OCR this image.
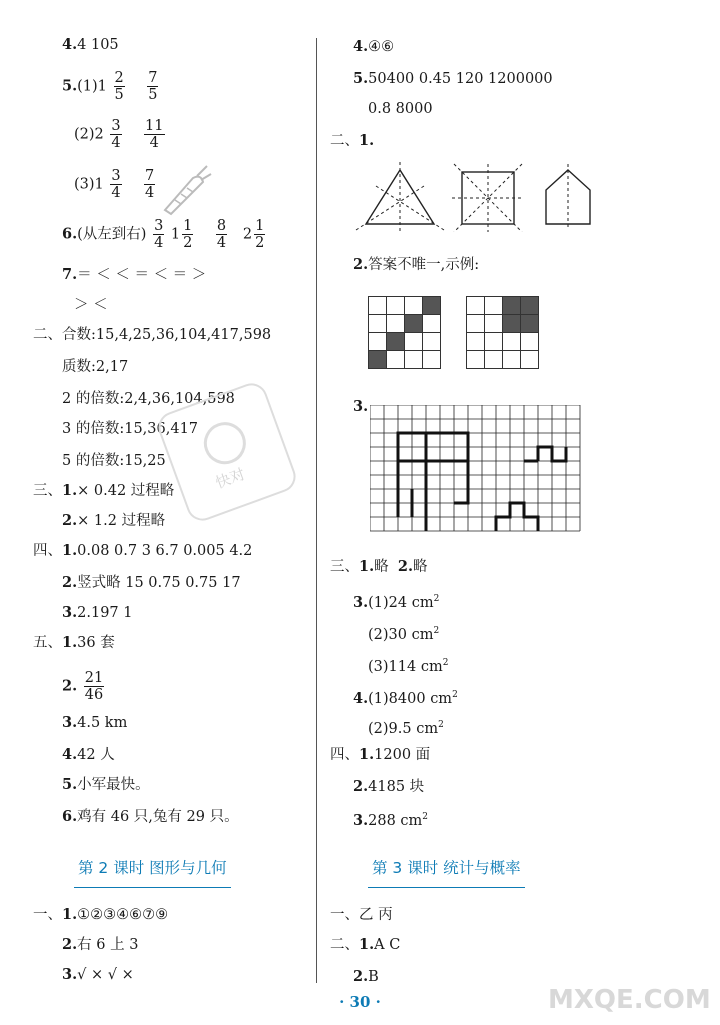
4.4 105
$5.(1)1 \frac{2}{5}$
$\frac{7}{5}$
$(2)2 \frac{3}{4}$
$\frac{11}{4}$
$(3)1 \frac{3}{4}$
$\frac{7}{4}$
6.(从左到右) $\frac{3}{4} 1 \frac{1}{2}$
$\frac{8}{4} 2 \frac{1}{2}$
7.＝ ＜ ＜ ＝ ＜ ＝ ＞
＞ ＜
二、合数:15,4,25,36,104,417,598
质数:2,17
2 的倍数:2,4,36,104,598
3 的倍数:15,36,417
5 的倍数:15,25
快对
三、1.× 0.42 过程略
2.× 1.2 过程略
四、1.0.08 0.7 3 6.7 0.005 4.2
2.竖式略 15 0.75 0.75 17
3.2.197 1
五、1.36 套
2. $\frac{21}{46}$
3.4.5 km
4.42 人
5.小军最快。
6.鸡有 46 只,兔有 29 只。
第 2 课时 图形与几何
一、1.①②③④⑥⑦⑨
2.右 6 上 3
3.√ × √ ×
4.④⑥
5.50400 0.45 120 1200000
0.8 8000
二、1.
2.答案不唯一,示例:

3.
三、1.略 2.略
3.(1)24 $cm^2$
(2)30 $cm^2$
(3)114 $cm^2$
4.(1)8400 $cm^2$
(2)9.5 $cm^2$
四、1.1200 面
2.4185 块
3.288 $cm^2$
第 3 课时 统计与概率
一、乙 丙
二、1.A C
2.B
MXQE.COM
· 30 ·
